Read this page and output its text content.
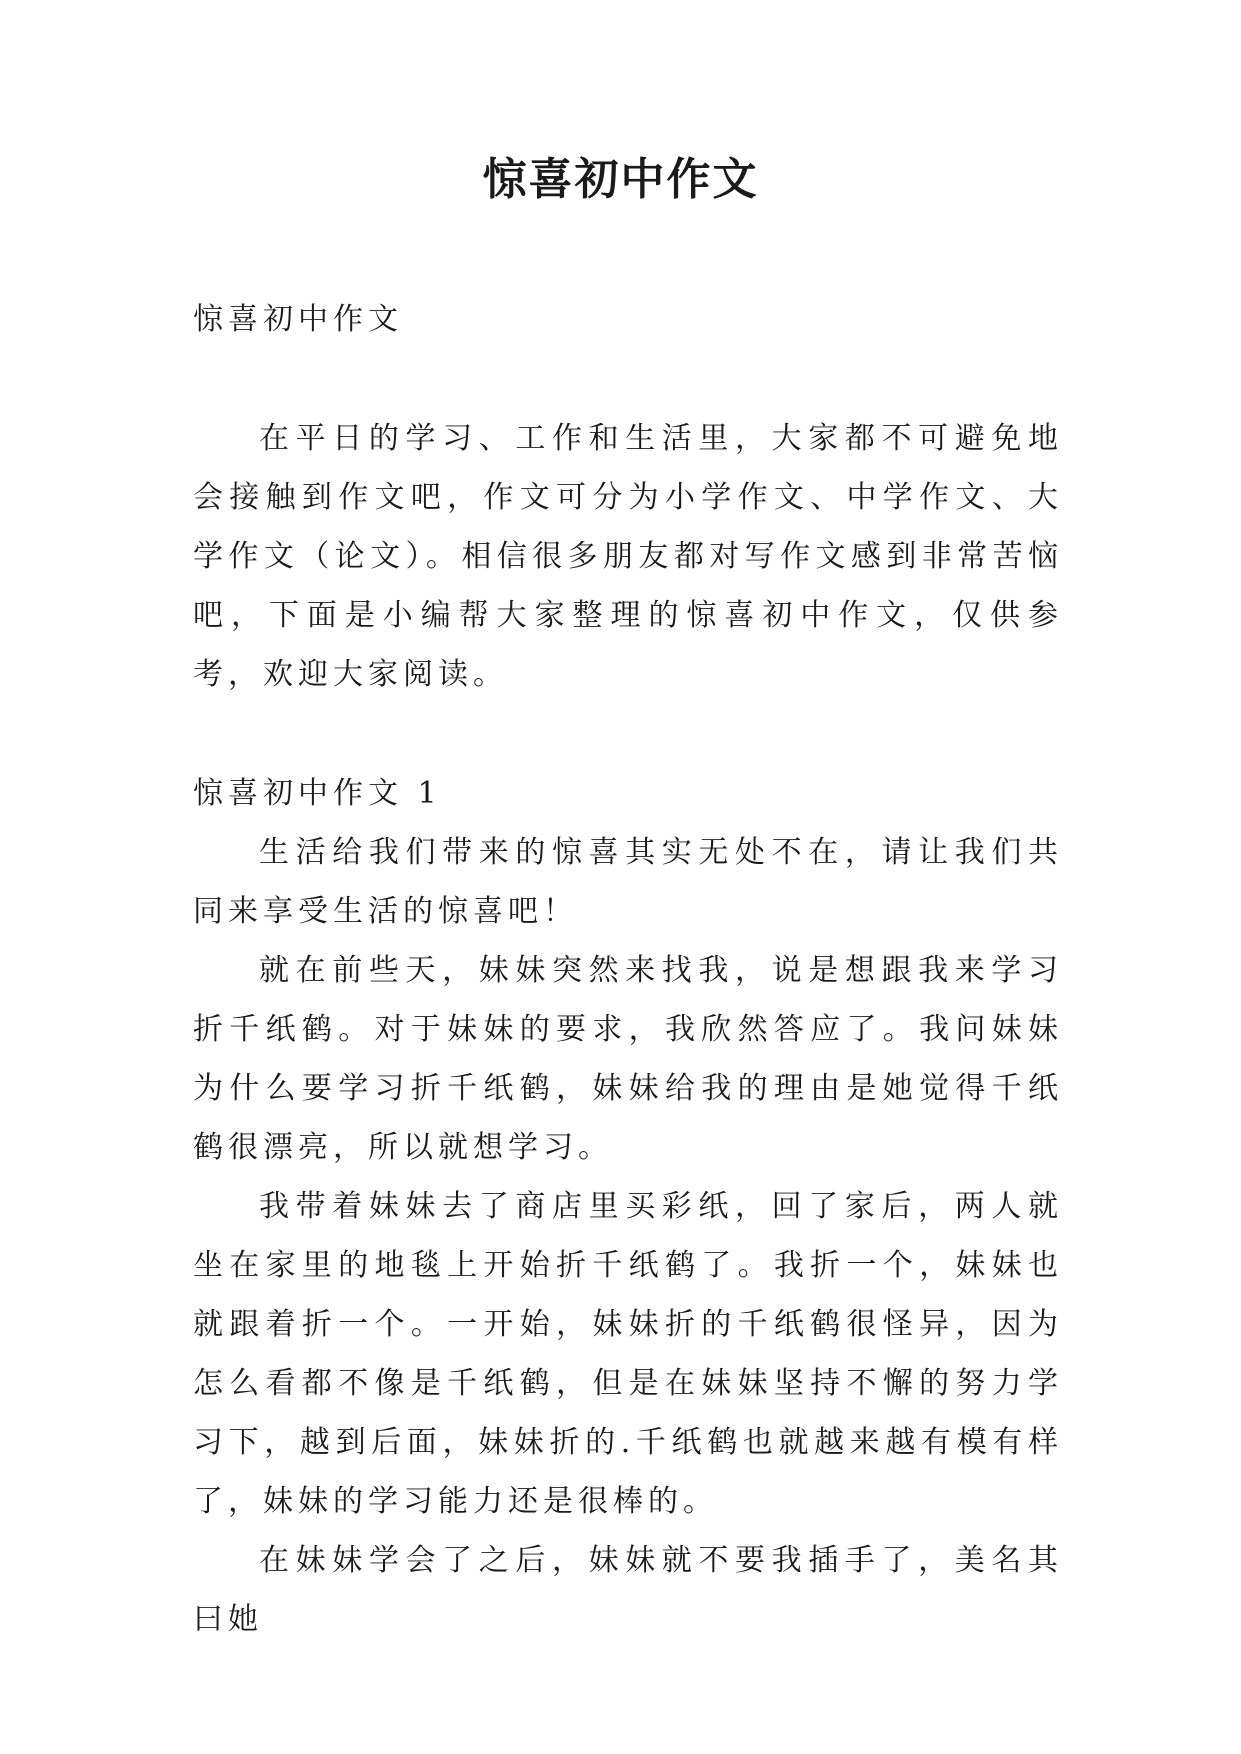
惊喜初中作文

惊喜初中作文

在平日的学习、工作和生活里，大家都不可避免地会接触到作文吧，作文可分为小学作文、中学作文、大学作文（论文）。相信很多朋友都对写作文感到非常苦恼吧，下面是小编帮大家整理的惊喜初中作文，仅供参考，欢迎大家阅读。

惊喜初中作文 1

生活给我们带来的惊喜其实无处不在，请让我们共同来享受生活的惊喜吧！

就在前些天，妹妹突然来找我，说是想跟我来学习折千纸鹤。对于妹妹的要求，我欣然答应了。我问妹妹为什么要学习折千纸鹤，妹妹给我的理由是她觉得千纸鹤很漂亮，所以就想学习。

我带着妹妹去了商店里买彩纸，回了家后，两人就坐在家里的地毯上开始折千纸鹤了。我折一个，妹妹也就跟着折一个。一开始，妹妹折的千纸鹤很怪异，因为怎么看都不像是千纸鹤，但是在妹妹坚持不懈的努力学习下，越到后面，妹妹折的.千纸鹤也就越来越有模有样了，妹妹的学习能力还是很棒的。

在妹妹学会了之后，妹妹就不要我插手了，美名其曰她
